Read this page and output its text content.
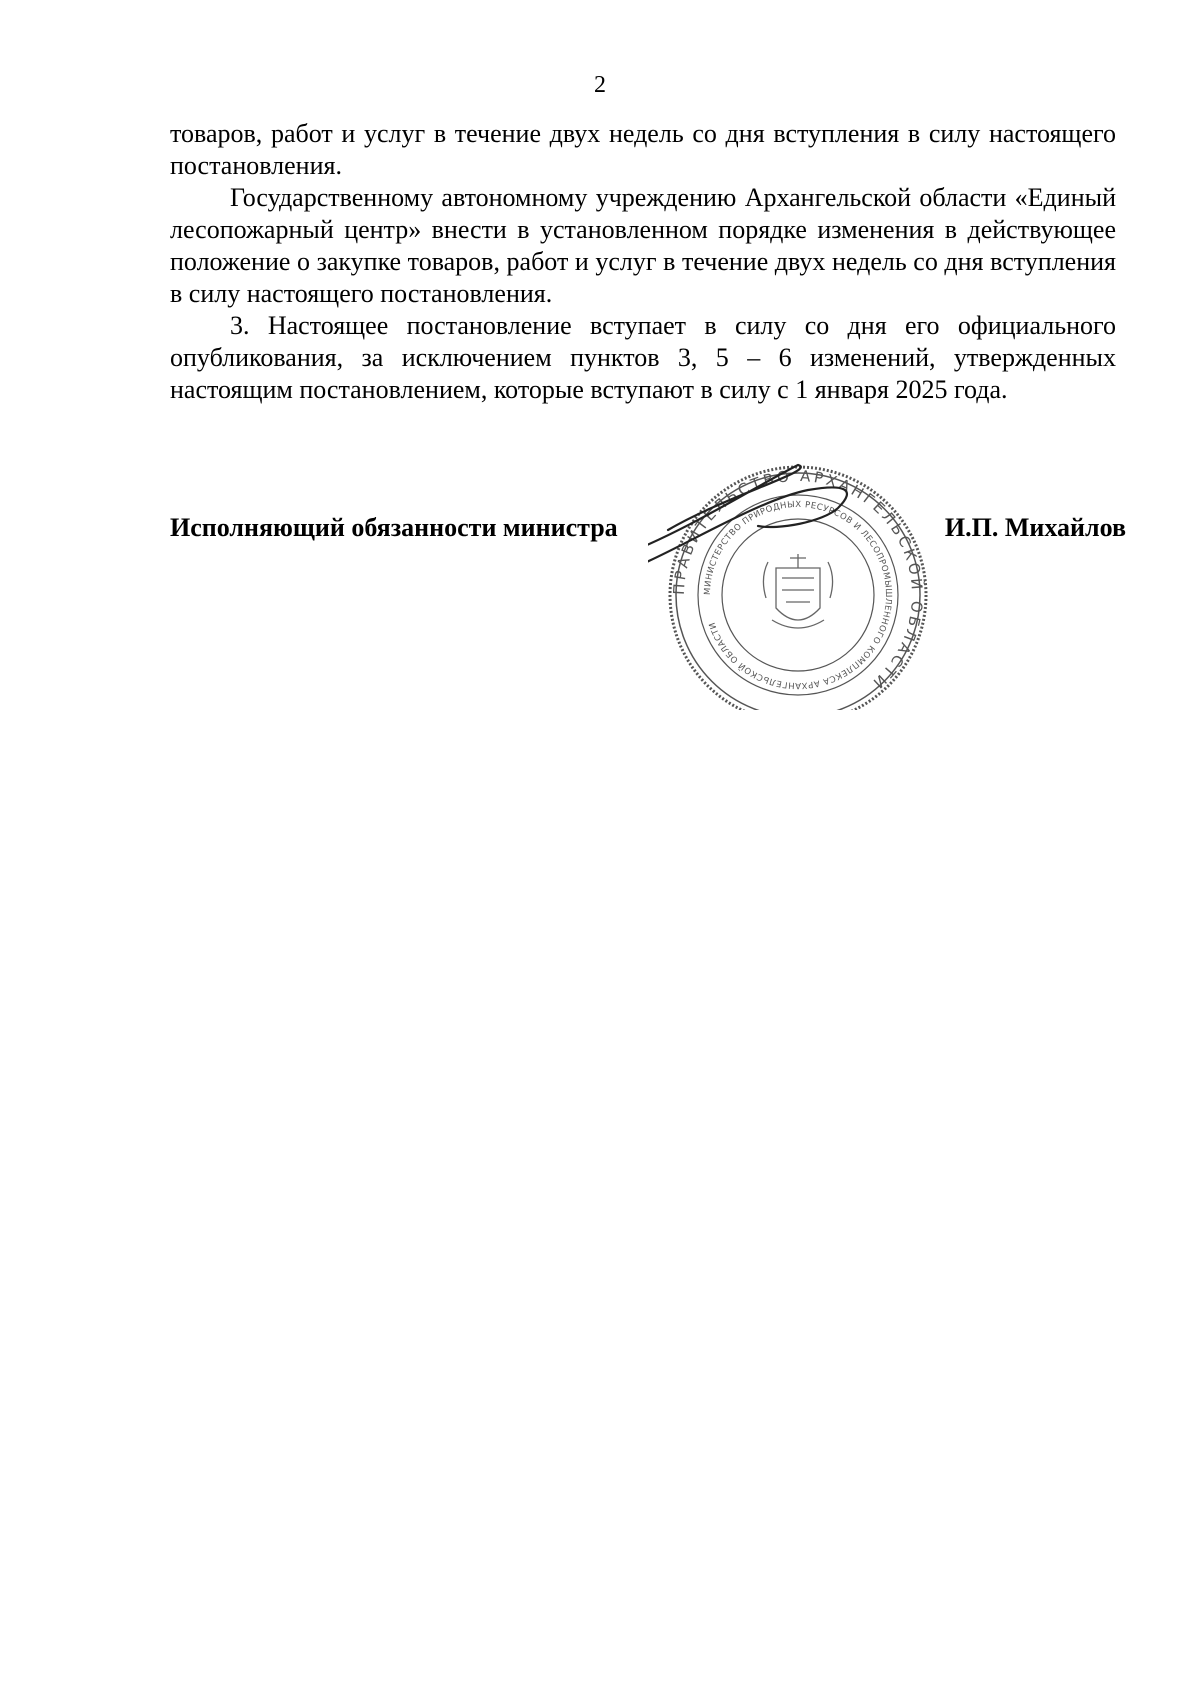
2

товаров, работ и услуг в течение двух недель со дня вступления в силу настоящего постановления.

Государственному автономному учреждению Архангельской области «Единый лесопожарный центр» внести в установленном порядке изменения в действующее положение о закупке товаров, работ и услуг в течение двух недель со дня вступления в силу настоящего постановления.

3. Настоящее постановление вступает в силу со дня его официального опубликования, за исключением пунктов 3, 5 – 6 изменений, утвержденных настоящим постановлением, которые вступают в силу с 1 января 2025 года.

Исполняющий обязанности министра	И.П. Михайлов
ПРАВИТЕЛЬСТВО АРХАНГЕЛЬСКОЙ ОБЛАСТИ
МИНИСТЕРСТВО ПРИРОДНЫХ РЕСУРСОВ И ЛЕСОПРОМЫШЛЕННОГО КОМПЛЕКСА АРХАНГЕЛЬСКОЙ ОБЛАСТИ
